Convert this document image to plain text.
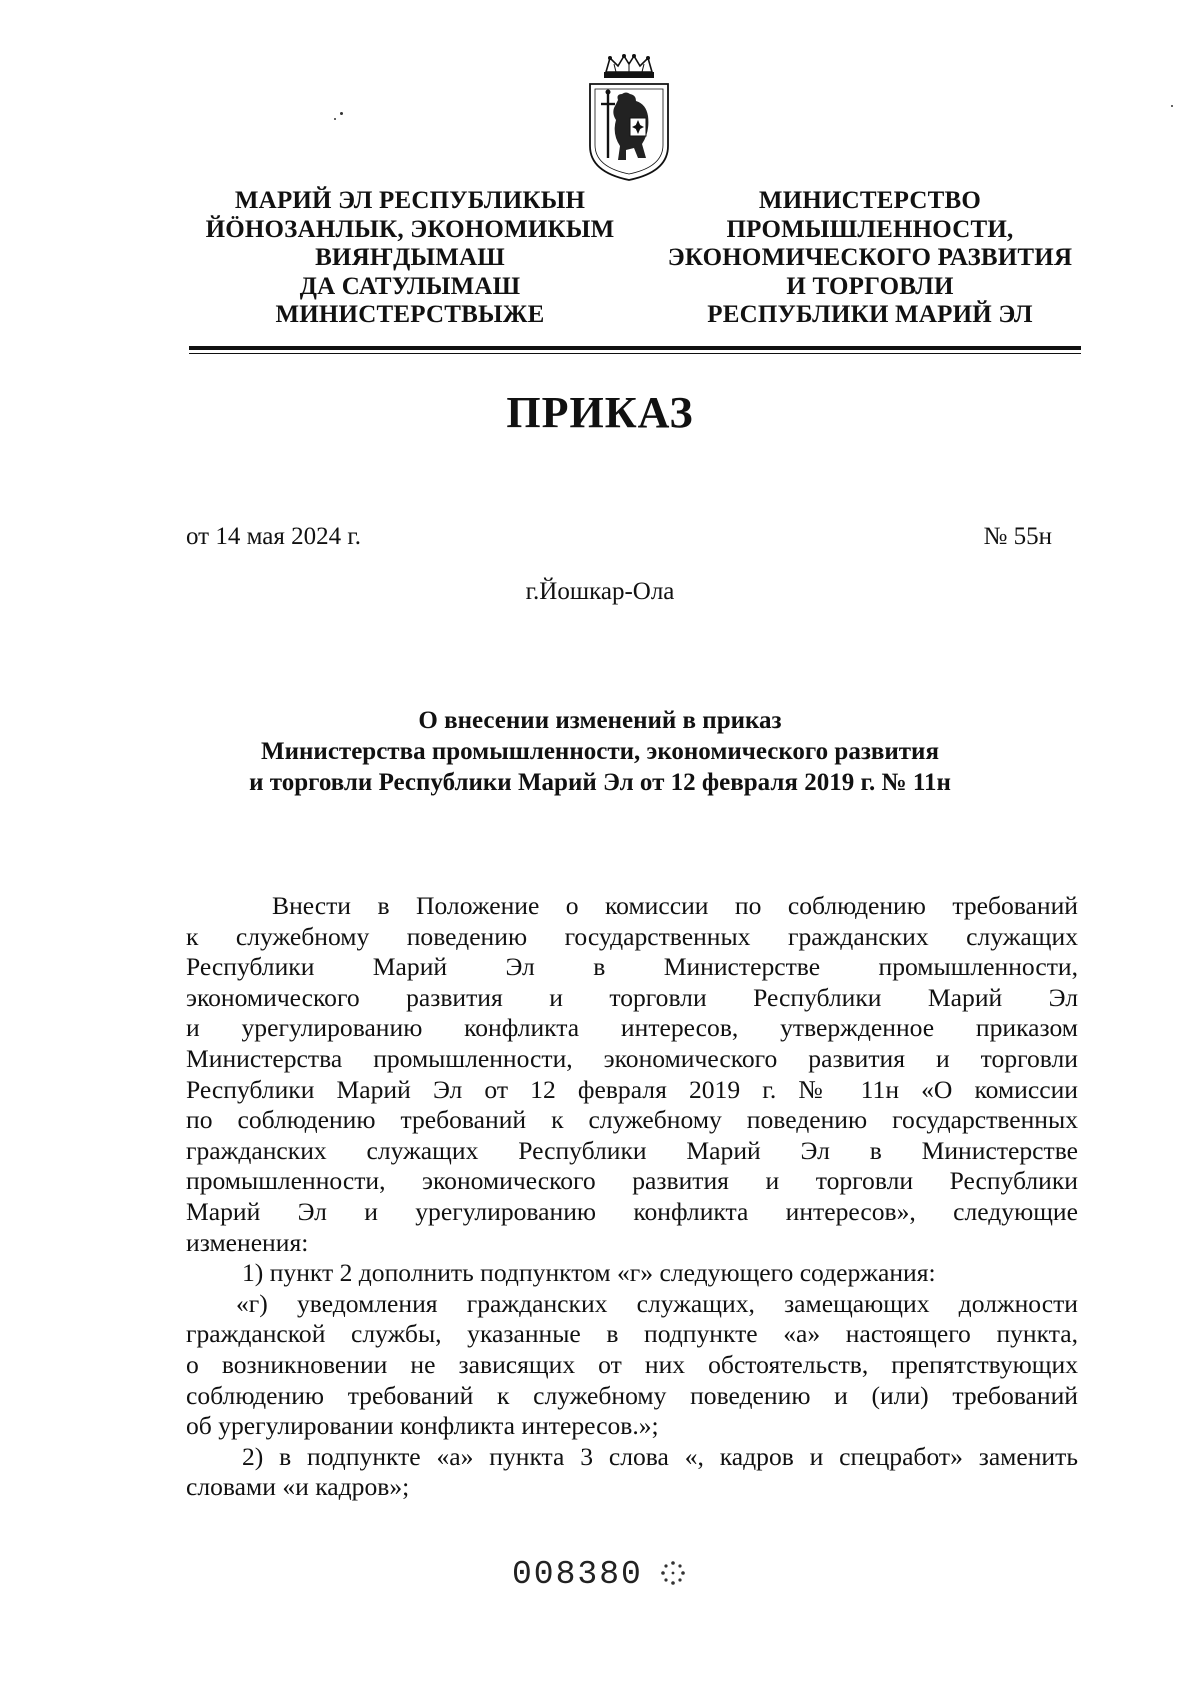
МАРИЙ ЭЛ РЕСПУБЛИКЫН
ЙӦНОЗАНЛЫК, ЭКОНОМИКЫМ
ВИЯҤДЫМАШ
ДА САТУЛЫМАШ
МИНИСТЕРСТВЫЖЕ
МИНИСТЕРСТВО
ПРОМЫШЛЕННОСТИ,
ЭКОНОМИЧЕСКОГО РАЗВИТИЯ
И ТОРГОВЛИ
РЕСПУБЛИКИ МАРИЙ ЭЛ
ПРИКАЗ
от 14 мая 2024 г.	№ 55н
г.Йошкар-Ола
О внесении изменений в приказ
Министерства промышленности, экономического развития
и торговли Республики Марий Эл от 12 февраля 2019 г. № 11н
Внести в Положение о комиссии по соблюдению требований
к служебному поведению государственных гражданских служащих
Республики Марий Эл в Министерстве промышленности,
экономического развития и торговли Республики Марий Эл
и урегулированию конфликта интересов, утвержденное приказом
Министерства промышленности, экономического развития и торговли
Республики Марий Эл от 12 февраля 2019 г. № 11н «О комиссии
по соблюдению требований к служебному поведению государственных
гражданских служащих Республики Марий Эл в Министерстве
промышленности, экономического развития и торговли Республики
Марий Эл и урегулированию конфликта интересов», следующие
изменения:
1) пункт 2 дополнить подпунктом «г» следующего содержания:
«г) уведомления гражданских служащих, замещающих должности
гражданской службы, указанные в подпункте «а» настоящего пункта,
о возникновении не зависящих от них обстоятельств, препятствующих
соблюдению требований к служебному поведению и (или) требований
об урегулировании конфликта интересов.»;
2) в подпункте «а» пункта 3 слова «, кадров и спецработ» заменить
словами «и кадров»;
008380
